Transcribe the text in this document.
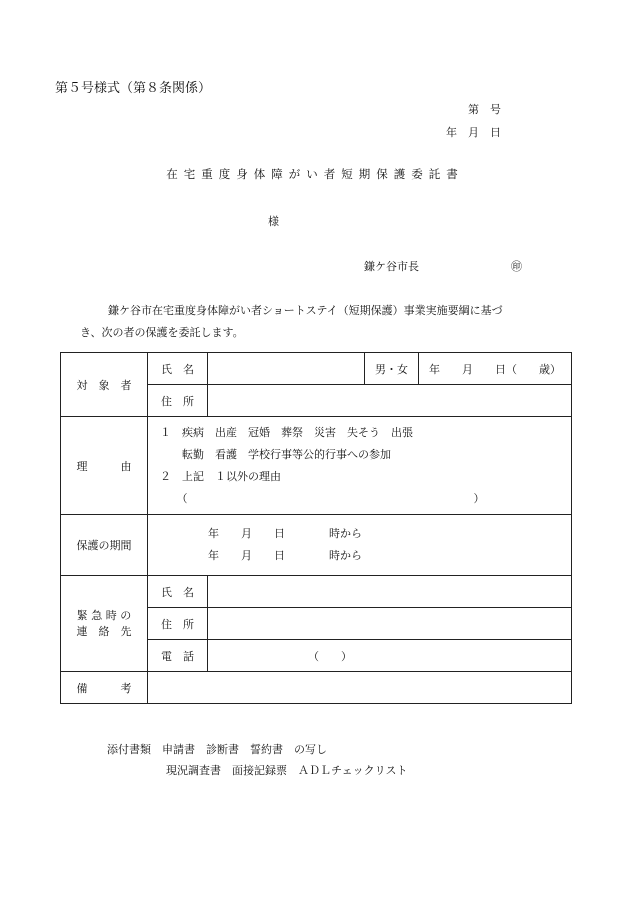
第５号様式（第８条関係）
第　号
年　月　日
在宅重度身体障がい者短期保護委託書
様
鎌ケ谷市長	㊞
鎌ケ谷市在宅重度身体障がい者ショートステイ（短期保護）事業実施要綱に基づ
き、次の者の保護を委託します。
対　象　者	氏　名		男・女	年　　月　　日（　　歳）
	住　所			
理　　　由	１　疾病　出産　冠婚　葬祭　災害　失そう　出張
　　転勤　看護　学校行事等公的行事への参加
２　上記　１以外の理由
　　（　　　　　　　　　　　　　　　　　　　　　　　　　　）			

保護の期間	年　　月　　日　　　　時から
年　　月　　日　　　　時から			

緊 急 時 の
連　絡　先	氏　名			
	住　所			
	電　話	（　　）		
備　　　考				
添付書類　申請書　診断書　誓約書　の写し
現況調査書　面接記録票　ＡＤＬチェックリスト
